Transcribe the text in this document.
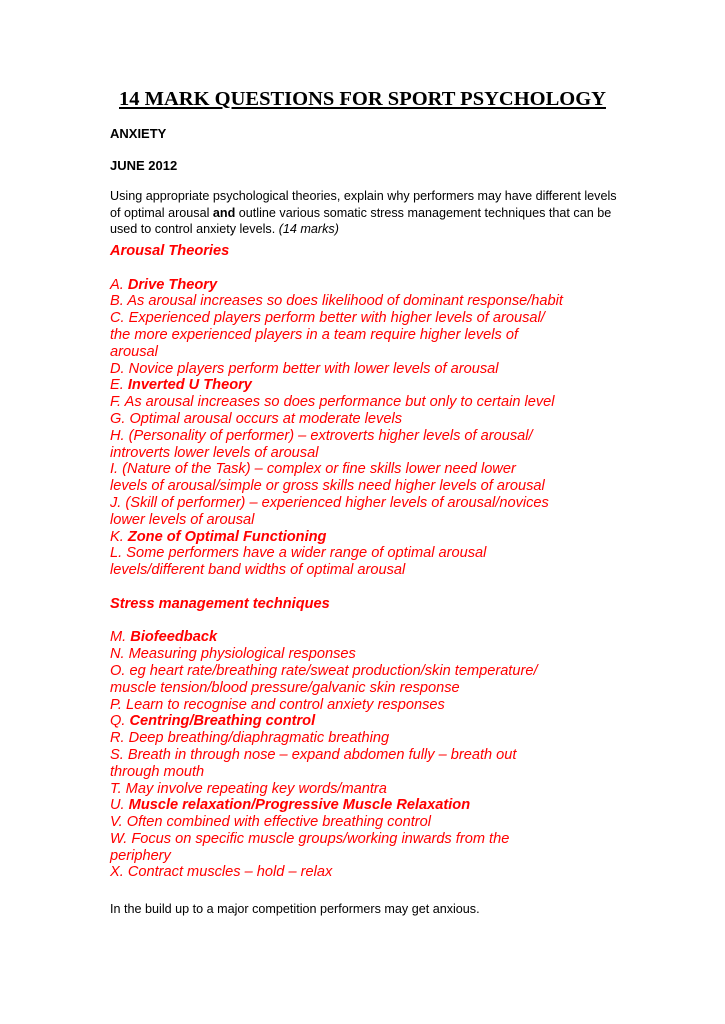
14 MARK QUESTIONS FOR SPORT PSYCHOLOGY
ANXIETY
JUNE 2012
Using appropriate psychological theories, explain why performers may have different levels of optimal arousal and outline various somatic stress management techniques that can be used to control anxiety levels. (14 marks)
Arousal Theories
A. Drive Theory
B. As arousal increases so does likelihood of dominant response/habit
C. Experienced players perform better with higher levels of arousal/
the more experienced players in a team require higher levels of
arousal
D. Novice players perform better with lower levels of arousal
E. Inverted U Theory
F. As arousal increases so does performance but only to certain level
G. Optimal arousal occurs at moderate levels
H. (Personality of performer) – extroverts higher levels of arousal/
introverts lower levels of arousal
I. (Nature of the Task) – complex or fine skills lower need lower
levels of arousal/simple or gross skills need higher levels of arousal
J. (Skill of performer) – experienced higher levels of arousal/novices
lower levels of arousal
K. Zone of Optimal Functioning
L. Some performers have a wider range of optimal arousal
levels/different band widths of optimal arousal
Stress management techniques
M. Biofeedback
N. Measuring physiological responses
O. eg heart rate/breathing rate/sweat production/skin temperature/
muscle tension/blood pressure/galvanic skin response
P. Learn to recognise and control anxiety responses
Q. Centring/Breathing control
R. Deep breathing/diaphragmatic breathing
S. Breath in through nose – expand abdomen fully – breath out
through mouth
T. May involve repeating key words/mantra
U. Muscle relaxation/Progressive Muscle Relaxation
V. Often combined with effective breathing control
W. Focus on specific muscle groups/working inwards from the
periphery
X. Contract muscles – hold – relax
In the build up to a major competition performers may get anxious.
